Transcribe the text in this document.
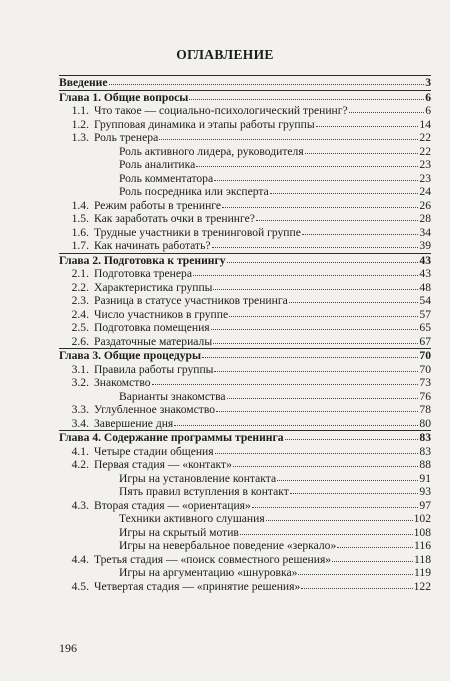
ОГЛАВЛЕНИЕ
Введение	3
Глава 1. Общие вопросы	6
1.1. Что такое — социально-психологический тренинг?	6
1.2. Групповая динамика и этапы работы группы	14
1.3. Роль тренера	22
Роль активного лидера, руководителя	22
Роль аналитика	23
Роль комментатора	23
Роль посредника или эксперта	24
1.4. Режим работы в тренинге	26
1.5. Как заработать очки в тренинге?	28
1.6. Трудные участники в тренинговой группе	34
1.7. Как начинать работать?	39
Глава 2. Подготовка к тренингу	43
2.1. Подготовка тренера	43
2.2. Характеристика группы	48
2.3. Разница в статусе участников тренинга	54
2.4. Число участников в группе	57
2.5. Подготовка помещения	65
2.6. Раздаточные материалы	67
Глава 3. Общие процедуры	70
3.1. Правила работы группы	70
3.2. Знакомство	73
Варианты знакомства	76
3.3. Углубленное знакомство	78
3.4. Завершение дня	80
Глава 4. Содержание программы тренинга	83
4.1. Четыре стадии общения	83
4.2. Первая стадия — «контакт»	88
Игры на установление контакта	91
Пять правил вступления в контакт	93
4.3. Вторая стадия — «ориентация»	97
Техники активного слушания	102
Игры на скрытый мотив	108
Игры на невербальное поведение «зеркало»	116
4.4. Третья стадия — «поиск совместного решения»	118
Игры на аргументацию «шнуровка»	119
4.5. Четвертая стадия — «принятие решения»	122
196
